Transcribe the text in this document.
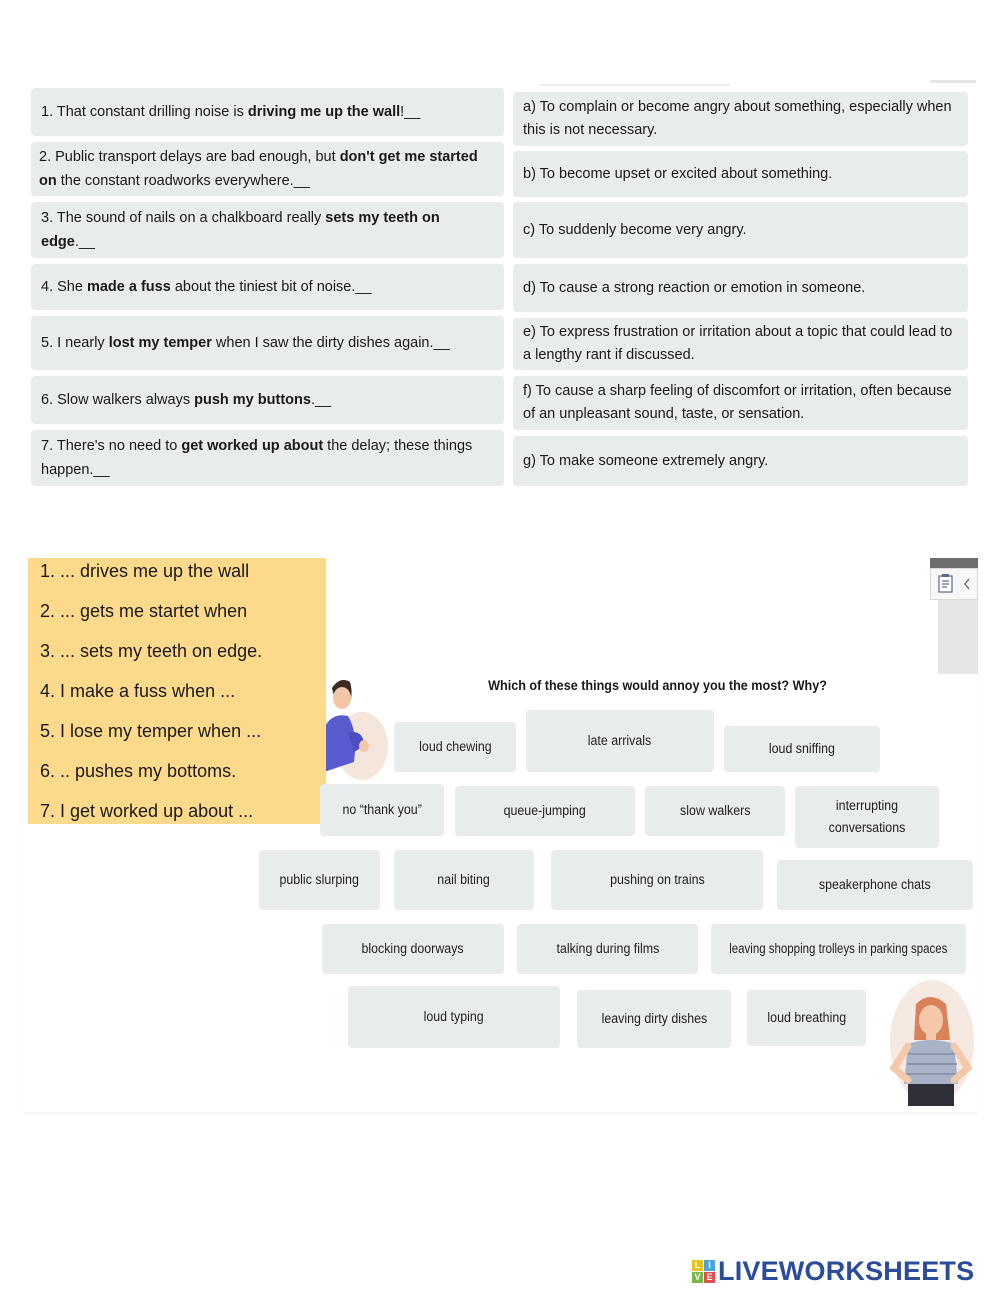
1. That constant drilling noise is driving me up the wall!__
2. Public transport delays are bad enough, but don't get me started on the constant roadworks everywhere.__
3. The sound of nails on a chalkboard really sets my teeth on edge.__
4. She made a fuss about the tiniest bit of noise.__
5. I nearly lost my temper when I saw the dirty dishes again.__
6. Slow walkers always push my buttons.__
7. There's no need to get worked up about the delay; these things happen.__
a) To complain or become angry about something, especially when this is not necessary.
b) To become upset or excited about something.
c) To suddenly become very angry.
d) To cause a strong reaction or emotion in someone.
e) To express frustration or irritation about a topic that could lead to a lengthy rant if discussed.
f) To cause a sharp feeling of discomfort or irritation, often because of an unpleasant sound, taste, or sensation.
g) To make someone extremely angry.
1. ... drives me up the wall
2. ... gets me startet when
3. ... sets my teeth on edge.
4. I make a fuss when ...
5. I lose my temper when ...
6. .. pushes my bottoms.
7. I get worked up about ...
Which of these things would annoy you the most? Why?
loud chewing	late arrivals
loud sniffing
no “thank you”	queue-jumping	slow walkers	interrupting conversations
public slurping	nail biting	pushing on trains	speakerphone chats
blocking doorways	talking during films	leaving shopping trolleys in parking spaces
loud typing	leaving dirty dishes	loud breathing
L I
V E LIVEWORKSHEETS
